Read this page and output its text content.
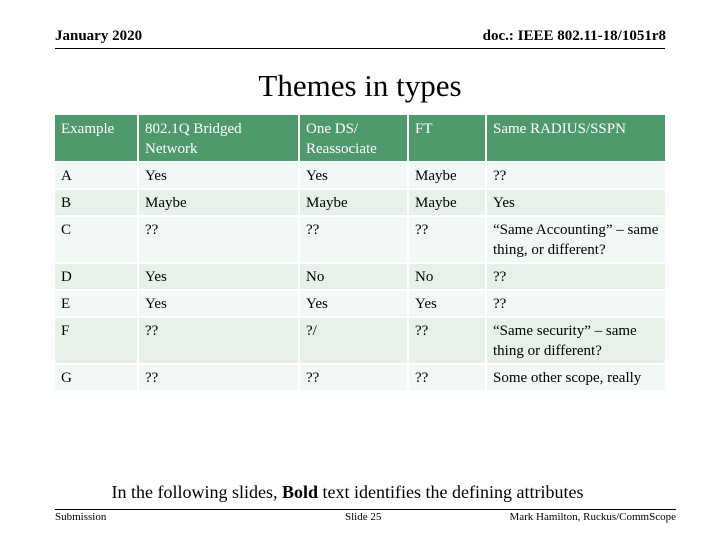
January 2020	doc.: IEEE 802.11-18/1051r8
Themes in types
Example	802.1Q Bridged Network	One DS/ Reassociate	FT	Same RADIUS/SSPN
A	Yes	Yes	Maybe	??
B	Maybe	Maybe	Maybe	Yes
C	??	??	??	“Same Accounting” – same thing, or different?
D	Yes	No	No	??
E	Yes	Yes	Yes	??
F	??	?/	??	“Same security” – same thing or different?
G	??	??	??	Some other scope, really
In the following slides, Bold text identifies the defining attributes
Submission	Slide 25	Mark Hamilton, Ruckus/CommScope
